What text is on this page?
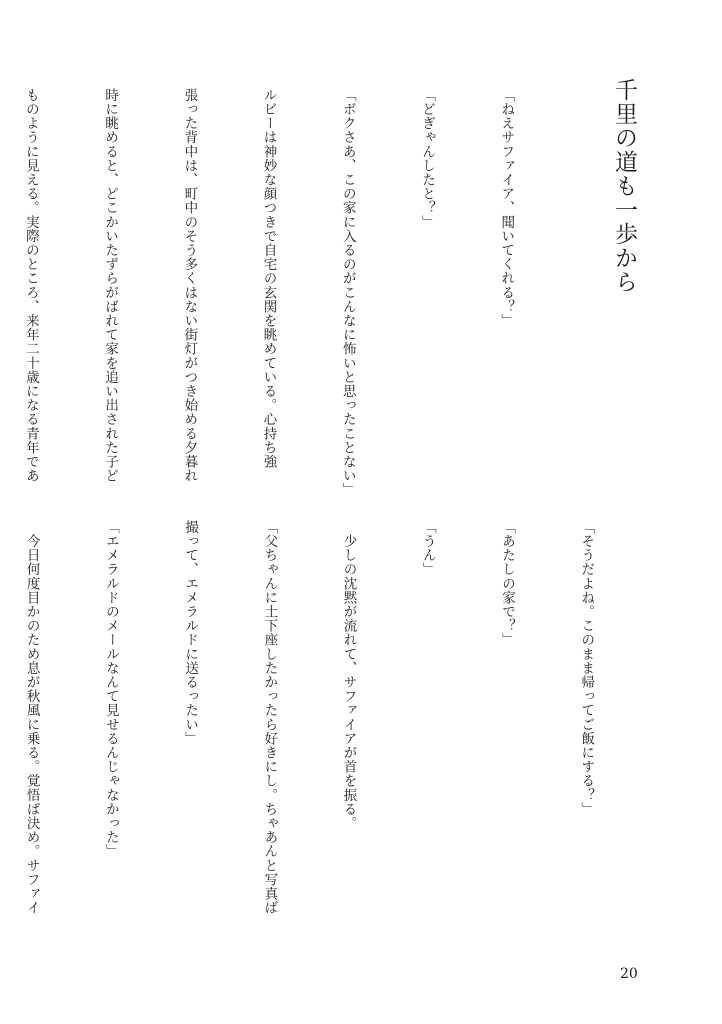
千里の道も一歩から

「ねえサファイア、聞いてくれる？」

「どぎゃんしたと？」

「ボクさあ、この家に入るのがこんなに怖いと思ったことない」

ルビーは神妙な顔つきで自宅の玄関を眺めている。心持ち強

張った背中は、町中のそう多くはない街灯がつき始める夕暮れ

時に眺めると、どこかいたずらがばれて家を追い出された子ど

ものように見える。実際のところ、来年二十歳になる青年であ

「そうだよね。このまま帰ってご飯にする？」

「あたしの家で？」

「うん」

　少しの沈黙が流れて、サファイアが首を振る。

「父ちゃんに土下座したかったら好きにし。ちゃあんと写真ば

撮って、エメラルドに送るったい」

「エメラルドのメールなんて見せるんじゃなかった」

　今日何度目かのため息が秋風に乗る。覚悟ば決め。サファイ

20
